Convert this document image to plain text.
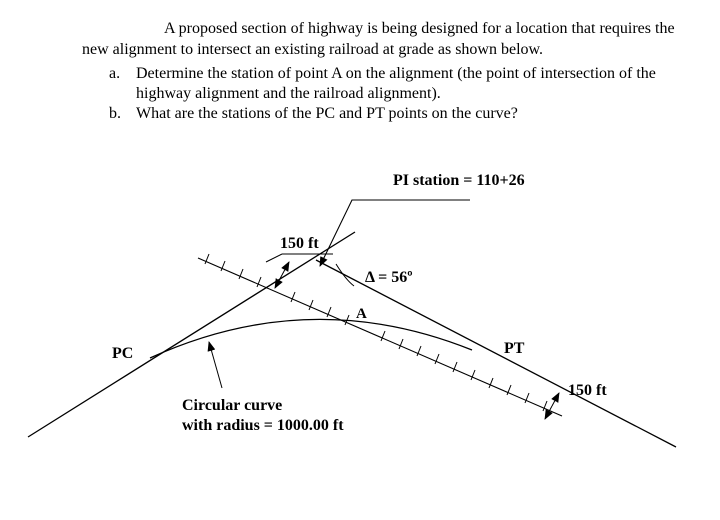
A proposed section of highway is being designed for a location that requires the new alignment to intersect an existing railroad at grade as shown below.

a. Determine the station of point A on the alignment (the point of intersection of the highway alignment and the railroad alignment).
b. What are the stations of the PC and PT points on the curve?
PI station = 110+26
150 ft
Δ = 56º
A
PC	PT
150 ft
Circular curve
with radius = 1000.00 ft
